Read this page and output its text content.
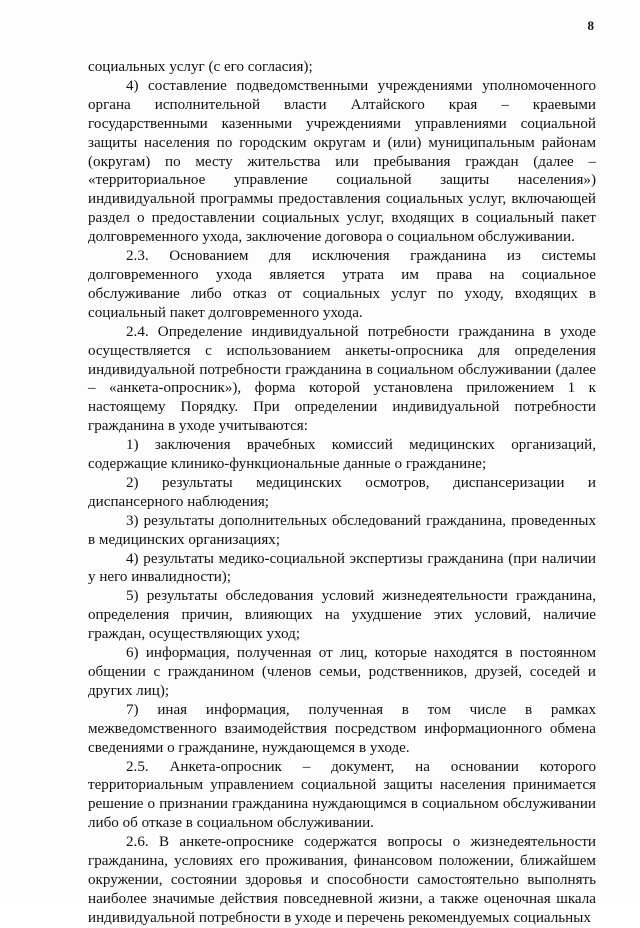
8

социальных услуг (с его согласия);

4) составление подведомственными учреждениями уполномоченного органа исполнительной власти Алтайского края – краевыми государственными казенными учреждениями управлениями социальной защиты населения по городским округам и (или) муниципальным районам (округам) по месту жительства или пребывания граждан (далее – «территориальное управление социальной защиты населения») индивидуальной программы предоставления социальных услуг, включающей раздел о предоставлении социальных услуг, входящих в социальный пакет долговременного ухода, заключение договора о социальном обслуживании.

2.3. Основанием для исключения гражданина из системы долговременного ухода является утрата им права на социальное обслуживание либо отказ от социальных услуг по уходу, входящих в социальный пакет долговременного ухода.

2.4. Определение индивидуальной потребности гражданина в уходе осуществляется с использованием анкеты-опросника для определения индивидуальной потребности гражданина в социальном обслуживании (далее – «анкета-опросник»), форма которой установлена приложением 1 к настоящему Порядку. При определении индивидуальной потребности гражданина в уходе учитываются:

1) заключения врачебных комиссий медицинских организаций, содержащие клинико-функциональные данные о гражданине;

2) результаты медицинских осмотров, диспансеризации и диспансерного наблюдения;

3) результаты дополнительных обследований гражданина, проведенных в медицинских организациях;

4) результаты медико-социальной экспертизы гражданина (при наличии у него инвалидности);

5) результаты обследования условий жизнедеятельности гражданина, определения причин, влияющих на ухудшение этих условий, наличие граждан, осуществляющих уход;

6) информация, полученная от лиц, которые находятся в постоянном общении с гражданином (членов семьи, родственников, друзей, соседей и других лиц);

7) иная информация, полученная в том числе в рамках межведомственного взаимодействия посредством информационного обмена сведениями о гражданине, нуждающемся в уходе.

2.5. Анкета-опросник – документ, на основании которого территориальным управлением социальной защиты населения принимается решение о признании гражданина нуждающимся в социальном обслуживании либо об отказе в социальном обслуживании.

2.6. В анкете-опроснике содержатся вопросы о жизнедеятельности гражданина, условиях его проживания, финансовом положении, ближайшем окружении, состоянии здоровья и способности самостоятельно выполнять наиболее значимые действия повседневной жизни, а также оценочная шкала индивидуальной потребности в уходе и перечень рекомендуемых социальных
